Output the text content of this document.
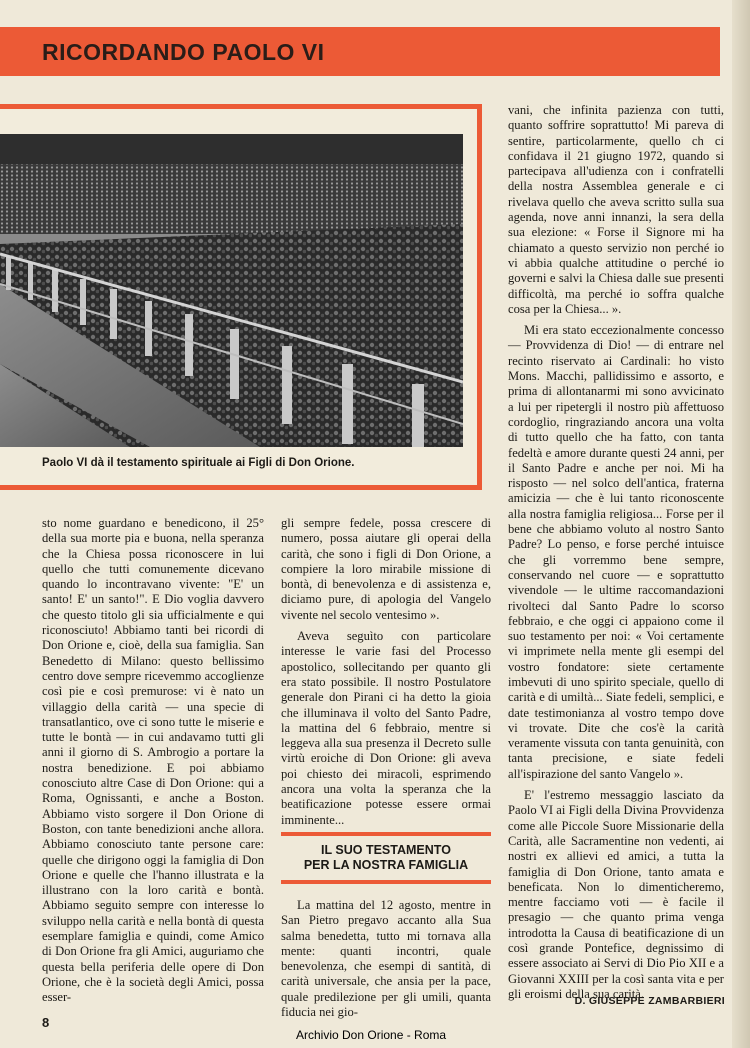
RICORDANDO PAOLO VI
Paolo VI dà il testamento spirituale ai Figli di Don Orione.

sto nome guardano e benedicono, il 25° della sua morte pia e buona, nella speranza che la Chiesa possa riconoscere in lui quello che tutti comunemente dicevano quando lo incontravano vivente: "E' un santo! E' un santo!". E Dio voglia davvero che questo titolo gli sia ufficialmente e qui riconosciuto! Abbiamo tanti bei ricordi di Don Orione e, cioè, della sua famiglia. San Benedetto di Milano: questo bellissimo centro dove sempre ricevemmo accoglienze così pie e così premurose: vi è nato un villaggio della carità — una specie di transatlantico, ove ci sono tutte le miserie e tutte le bontà — in cui andavamo tutti gli anni il giorno di S. Ambrogio a portare la nostra benedizione. E poi abbiamo conosciuto altre Case di Don Orione: qui a Roma, Ognissanti, e anche a Boston. Abbiamo visto sorgere il Don Orione di Boston, con tante benedizioni anche allora. Abbiamo conosciuto tante persone care: quelle che dirigono oggi la famiglia di Don Orione e quelle che l'hanno illustrata e la illustrano con la loro carità e bontà. Abbiamo seguito sempre con interesse lo sviluppo nella carità e nella bontà di questa esemplare famiglia e quindi, come Amico di Don Orione fra gli Amici, auguriamo che questa bella periferia delle opere di Don Orione, che è la società degli Amici, possa esser-

gli sempre fedele, possa crescere di numero, possa aiutare gli operai della carità, che sono i figli di Don Orione, a compiere la loro mirabile missione di bontà, di benevolenza e di assistenza e, diciamo pure, di apologia del Vangelo vivente nel secolo ventesimo ».

Aveva seguìto con particolare interesse le varie fasi del Processo apostolico, sollecitando per quanto gli era stato possibile. Il nostro Postulatore generale don Pirani ci ha detto la gioia che illuminava il volto del Santo Padre, la mattina del 6 febbraio, mentre si leggeva alla sua presenza il Decreto sulle virtù eroiche di Don Orione: gli aveva poi chiesto dei miracoli, esprimendo ancora una volta la speranza che la beatificazione potesse essere ormai imminente...

IL SUO TESTAMENTO
PER LA NOSTRA FAMIGLIA

La mattina del 12 agosto, mentre in San Pietro pregavo accanto alla Sua salma benedetta, tutto mi tornava alla mente: quanti incontri, quale benevolenza, che esempi di santità, di carità universale, che ansia per la pace, quale predilezione per gli umili, quanta fiducia nei gio-

vani, che infinita pazienza con tutti, quanto soffrire soprattutto! Mi pareva di sentire, particolarmente, quello ch ci confidava il 21 giugno 1972, quando si partecipava all'udienza con i confratelli della nostra Assemblea generale e ci rivelava quello che aveva scritto sulla sua agenda, nove anni innanzi, la sera della sua elezione: « Forse il Signore mi ha chiamato a questo servizio non perché io vi abbia qualche attitudine o perché io governi e salvi la Chiesa dalle sue presenti difficoltà, ma perché io soffra qualche cosa per la Chiesa... ».

Mi era stato eccezionalmente concesso — Provvidenza di Dio! — di entrare nel recinto riservato ai Cardinali: ho visto Mons. Macchi, pallidissimo e assorto, e prima di allontanarmi mi sono avvicinato a lui per ripetergli il nostro più affettuoso cordoglio, ringraziando ancora una volta di tutto quello che ha fatto, con tanta fedeltà e amore durante questi 24 anni, per il Santo Padre e anche per noi. Mi ha risposto — nel solco dell'antica, fraterna amicizia — che è lui tanto riconoscente alla nostra famiglia religiosa... Forse per il bene che abbiamo voluto al nostro Santo Padre? Lo penso, e forse perché intuisce che gli vorremmo bene sempre, conservando nel cuore — e soprattutto vivendole — le ultime raccomandazioni rivolteci dal Santo Padre lo scorso febbraio, e che oggi ci appaiono come il suo testamento per noi: « Voi certamente vi imprimete nella mente gli esempi del vostro fondatore: siete certamente imbevuti di uno spirito speciale, quello di carità e di umiltà... Siate fedeli, semplici, e date testimonianza al vostro tempo dove vi trovate. Dite che cos'è la carità veramente vissuta con tanta genuinità, con tanta precisione, e siate fedeli all'ispirazione del santo Vangelo ».

E' l'estremo messaggio lasciato da Paolo VI ai Figli della Divina Provvidenza come alle Piccole Suore Missionarie della Carità, alle Sacramentine non vedenti, ai nostri ex allievi ed amici, a tutta la famiglia di Don Orione, tanto amata e beneficata. Non lo dimenticheremo, mentre facciamo voti — è facile il presagio — che quanto prima venga introdotta la Causa di beatificazione di un così grande Pontefice, degnissimo di essere associato ai Servi di Dio Pio XII e a Giovanni XXIII per la così santa vita e per gli eroismi della sua carità.

D. GIUSEPPE ZAMBARBIERI
8
Archivio Don Orione - Roma
